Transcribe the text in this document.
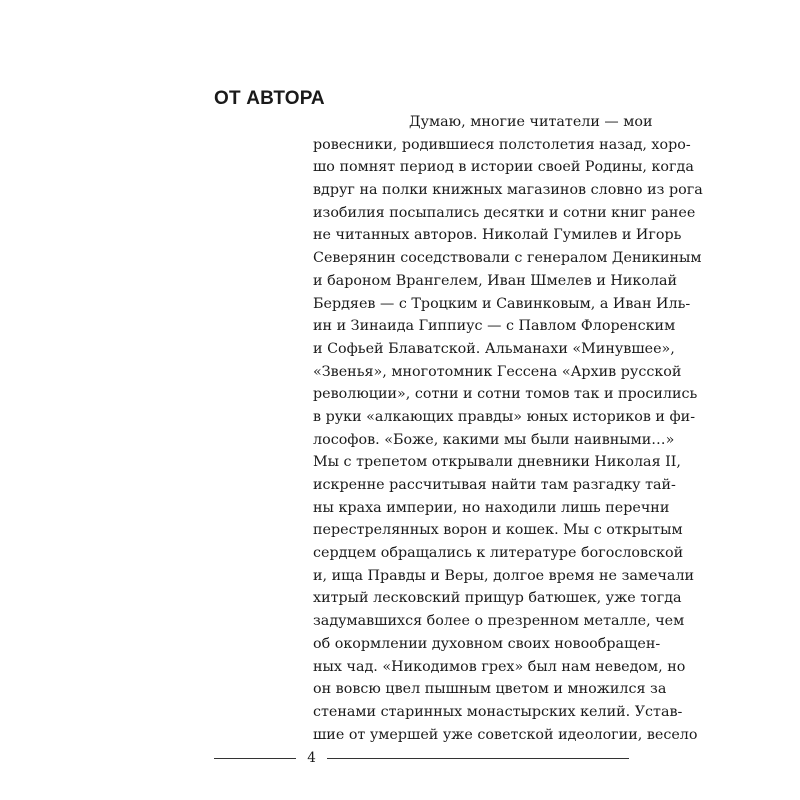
ОТ АВТОРА
Думаю, многие читатели — мои
ровесники, родившиеся полстолетия назад, хоро-
шо помнят период в истории своей Родины, когда
вдруг на полки книжных магазинов словно из рога
изобилия посыпались десятки и сотни книг ранее
не читанных авторов. Николай Гумилев и Игорь
Северянин соседствовали с генералом Деникиным
и бароном Врангелем, Иван Шмелев и Николай
Бердяев — с Троцким и Савинковым, а Иван Иль-
ин и Зинаида Гиппиус — с Павлом Флоренским
и Софьей Блаватской. Альманахи «Минувшее»,
«Звенья», многотомник Гессена «Архив русской
революции», сотни и сотни томов так и просились
в руки «алкающих правды» юных историков и фи-
лософов. «Боже, какими мы были наивными…»
Мы с трепетом открывали дневники Николая II,
искренне рассчитывая найти там разгадку тай-
ны краха империи, но находили лишь перечни
перестрелянных ворон и кошек. Мы с открытым
сердцем обращались к литературе богословской
и, ища Правды и Веры, долгое время не замечали
хитрый лесковский прищур батюшек, уже тогда
задумавшихся более о презренном металле, чем
об окормлении духовном своих новообращен-
ных чад. «Никодимов грех» был нам неведом, но
он вовсю цвел пышным цветом и множился за
стенами старинных монастырских келий. Устав-
шие от умершей уже советской идеологии, весело
4
